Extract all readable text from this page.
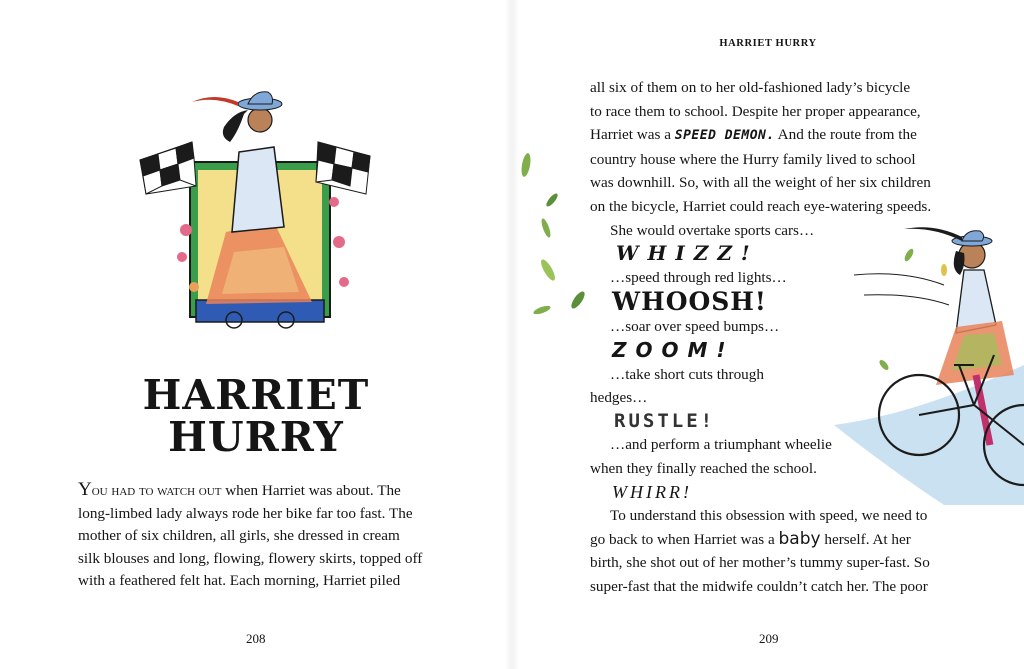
HARRIET
HURRY
You had to watch out when Harriet was about. The
long-limbed lady always rode her bike far too fast. The
mother of six children, all girls, she dressed in cream
silk blouses and long, flowing, flowery skirts, topped off
with a feathered felt hat. Each morning, Harriet piled
208
HARRIET HURRY
all six of them on to her old-fashioned lady’s bicycle
to race them to school. Despite her proper appearance,
Harriet was a SPEED DEMON. And the route from the
country house where the Hurry family lived to school
was downhill. So, with all the weight of her six children
on the bicycle, Harriet could reach eye-watering speeds.
She would overtake sports cars…
WHIZZ!
…speed through red lights…
WHOOSH!
…soar over speed bumps…
ZOOM!
…take short cuts through
hedges…
RUSTLE!
…and perform a triumphant wheelie
when they finally reached the school.
WHIRR!
To understand this obsession with speed, we need to
go back to when Harriet was a baby herself. At her
birth, she shot out of her mother’s tummy super-fast. So
super-fast that the midwife couldn’t catch her. The poor
209
